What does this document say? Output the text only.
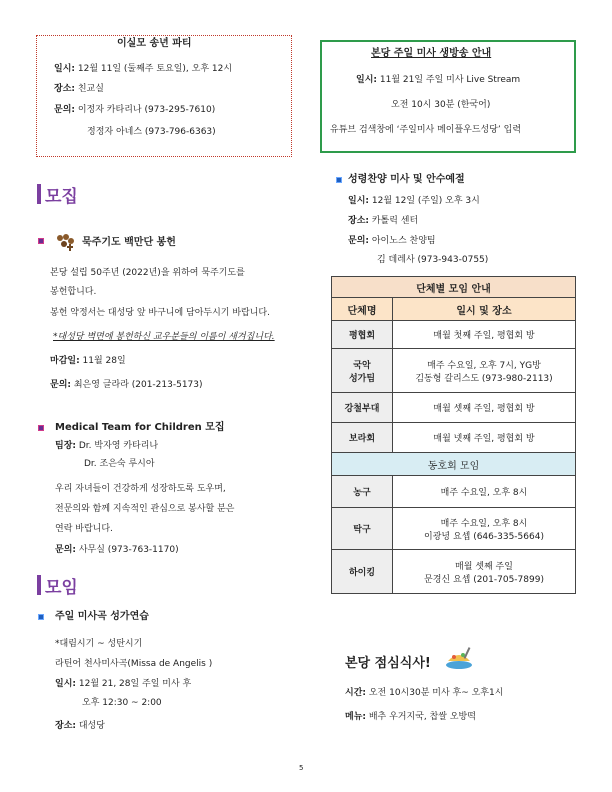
이실모 송년 파티
일시: 12월 11일 (둘째주 토요일), 오후 12시
장소: 친교실
문의: 이정자 카타리나 (973-295-7610)
정정자 아네스 (973-796-6363)
본당 주일 미사 생방송 안내
일시: 11월 21일 주일 미사 Live Stream
오전 10시 30분 (한국어)
유튜브 검색창에 ‘주일미사 메이플우드성당’ 입력
모집
묵주기도 백만단 봉헌
본당 설립 50주년 (2022년)을 위하여 묵주기도를
봉헌합니다.
봉헌 약정서는 대성당 앞 바구니에 담아두시기 바랍니다.
*대성당 벽면에 봉헌하신 교우분들의 이름이 새겨집니다.
마감일: 11월 28일
문의: 최은영 글라라 (201-213-5173)
Medical Team for Children 모집
팀장: Dr. 박자영 카타리나
Dr. 조은숙 루시아
우리 자녀들이 건강하게 성장하도록 도우며,
전문의와 함께 지속적인 관심으로 봉사할 분은
연락 바랍니다.
문의: 사무실 (973-763-1170)
모임
주일 미사곡 성가연습
*대림시기 ~ 성탄시기
라틴어 천사미사곡(Missa de Angelis )
일시: 12월 21, 28일 주일 미사 후
오후 12:30 ~ 2:00
장소: 대성당
성령찬양 미사 및 안수예절
일시: 12월 12일 (주일) 오후 3시
장소: 카톨릭 센터
문의: 아이노스 찬양팀
김 데레사 (973-943-0755)
단체별 모임 안내	
단체명	일시 및 장소
평협회	매월 첫째 주일, 평협회 방

국악
성가팀	매주 수요일, 오후 7시, YG방
김동형 갈리스도 (973-980-2113)

강철부대	매월 셋째 주일, 평협회 방
보라회	매월 넷째 주일, 평협회 방
동호회 모임	
농구	매주 수요일, 오후 8시
탁구	매주 수요일, 오후 8시
이광녕 요셉 (646-335-5664)

하이킹	매월 셋째 주일
문경신 요셉 (201-705-7899)
본당 점심식사!
시간: 오전 10시30분 미사 후~ 오후1시
메뉴: 배추 우거지국, 찹쌀 오방떡
5
